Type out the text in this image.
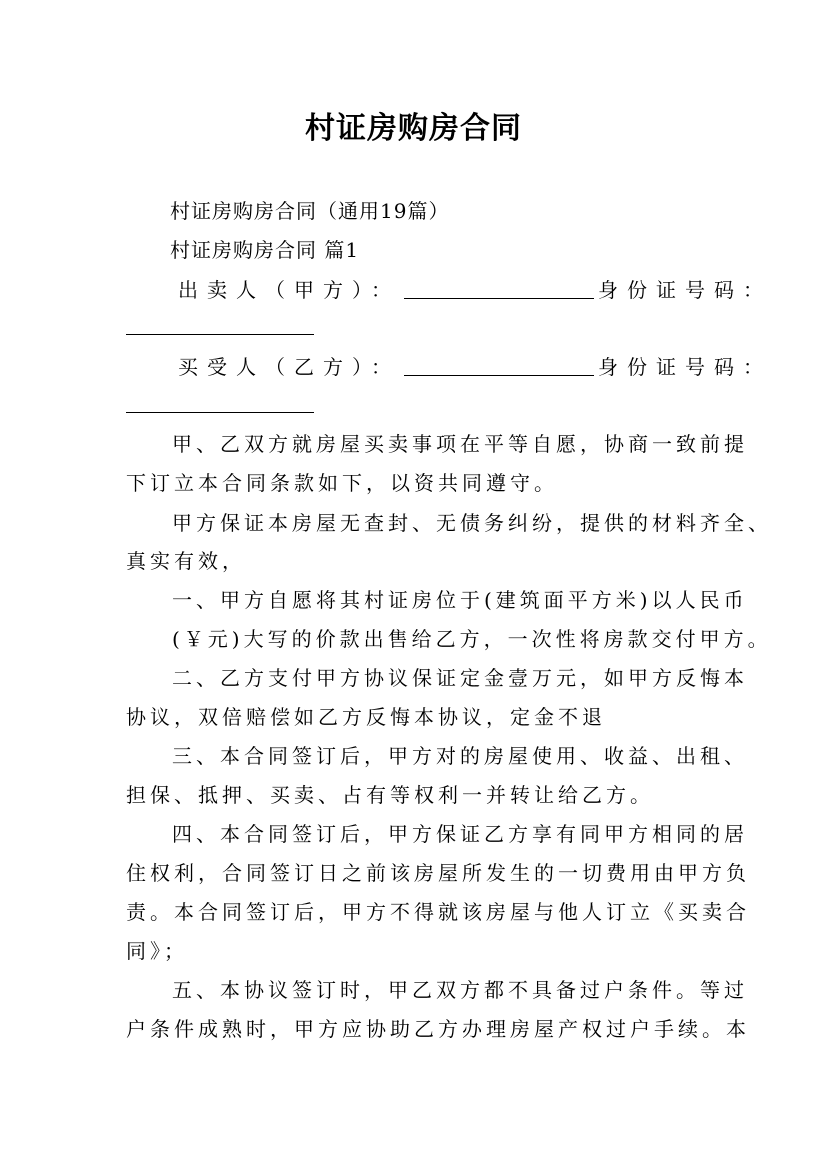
村证房购房合同
村证房购房合同（通用19篇）
村证房购房合同 篇1
出卖人（甲方）：	身份证号码：
买受人（乙方）：	身份证号码：
甲、乙双方就房屋买卖事项在平等自愿，协商一致前提
下订立本合同条款如下，以资共同遵守。
甲方保证本房屋无查封、无债务纠纷，提供的材料齐全、
真实有效，
一、甲方自愿将其村证房位于(建筑面平方米)以人民币
(￥元)大写的价款出售给乙方，一次性将房款交付甲方。
二、乙方支付甲方协议保证定金壹万元，如甲方反悔本
协议，双倍赔偿如乙方反悔本协议，定金不退
三、本合同签订后，甲方对的房屋使用、收益、出租、
担保、抵押、买卖、占有等权利一并转让给乙方。
四、本合同签订后，甲方保证乙方享有同甲方相同的居
住权利，合同签订日之前该房屋所发生的一切费用由甲方负
责。本合同签订后，甲方不得就该房屋与他人订立《买卖合
同》；
五、本协议签订时，甲乙双方都不具备过户条件。等过
户条件成熟时，甲方应协助乙方办理房屋产权过户手续。本
